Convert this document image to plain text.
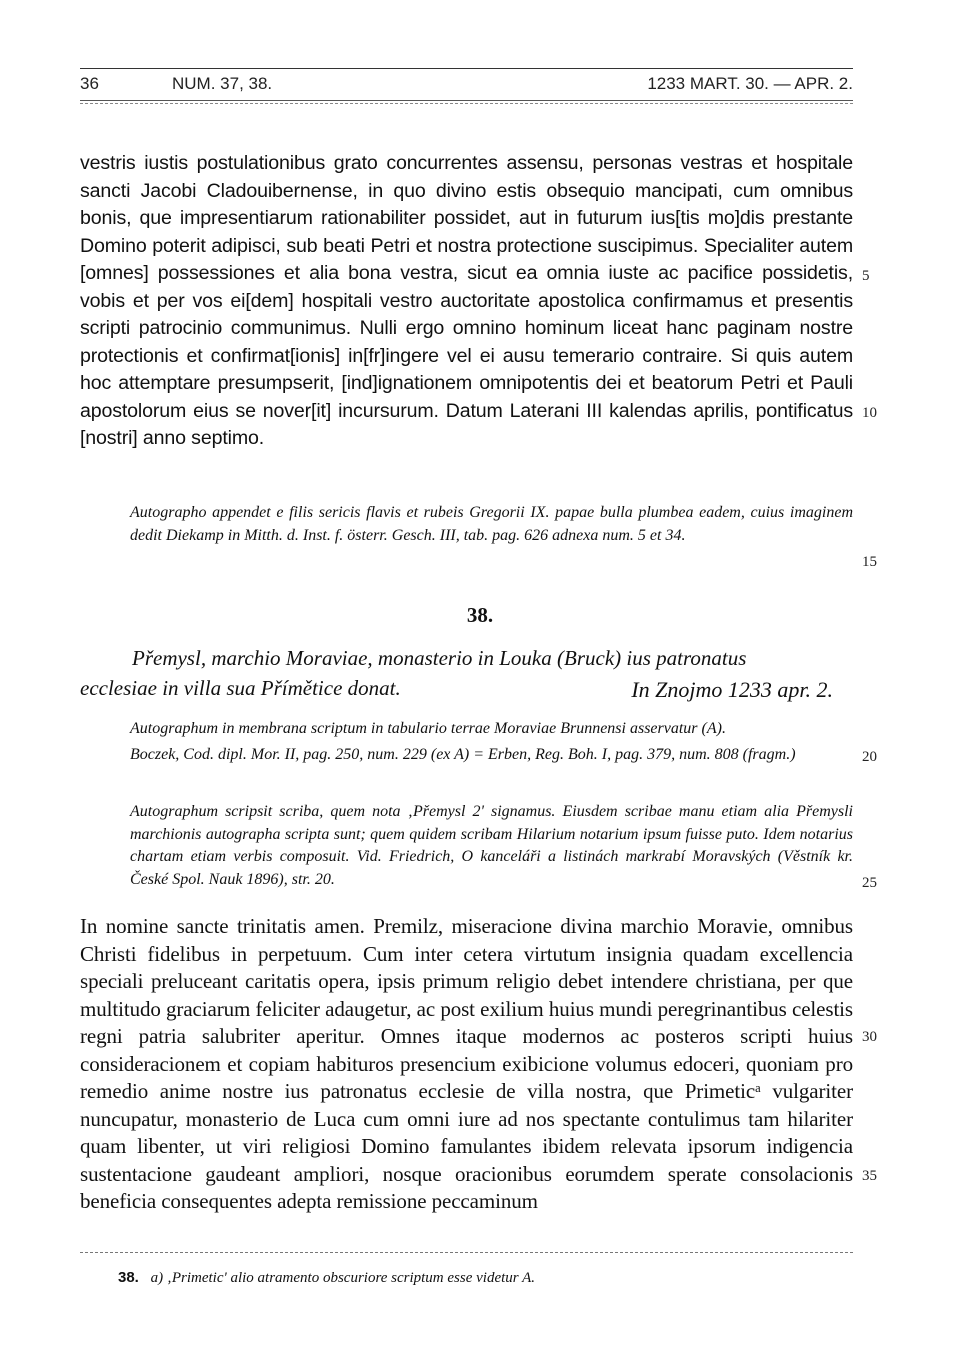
36	NUM. 37, 38.	1233 MART. 30. — APR. 2.
vestris iustis postulationibus grato concurrentes assensu, personas vestras et hospitale sancti Jacobi Cladouibernense, in quo divino estis obsequio mancipati, cum omnibus bonis, que impresentiarum rationabiliter possidet, aut in futurum ius[tis mo]dis prestante Domino poterit adipisci, sub beati Petri et nostra protectione suscipimus. Specialiter autem [omnes] possessiones et alia bona vestra, sicut ea omnia iuste ac pacifice possidetis, vobis et per vos ei[dem] hospitali vestro auctoritate apostolica confirmamus et presentis scripti patrocinio communimus. Nulli ergo omnino hominum liceat hanc paginam nostre protectionis et confirmat[ionis] in[fr]ingere vel ei ausu temerario contraire. Si quis autem hoc attemptare presumpserit, [ind]ignationem omnipotentis dei et beatorum Petri et Pauli apostolorum eius se nover[it] incursurum. Datum Laterani III kalendas aprilis, pontificatus [nostri] anno septimo.
Autographo appendet e filis sericis flavis et rubeis Gregorii IX. papae bulla plumbea eadem, cuius imaginem dedit Diekamp in Mitth. d. Inst. f. österr. Gesch. III, tab. pag. 626 adnexa num. 5 et 34.
38.
Přemysl, marchio Moraviae, monasterio in Louka (Bruck) ius patronatus
ecclesiae in villa sua Přímětice donat.	In Znojmo 1233 apr. 2.
Autographum in membrana scriptum in tabulario terrae Moraviae Brunnensi asservatur (A).
Boczek, Cod. dipl. Mor. II, pag. 250, num. 229 (ex A) = Erben, Reg. Boh. I, pag. 379, num. 808 (fragm.)
Autographum scripsit scriba, quem nota ‚Přemysl 2' signamus. Eiusdem scribae manu etiam alia Přemysli marchionis autographa scripta sunt; quem quidem scribam Hilarium notarium ipsum fuisse puto. Idem notarius chartam etiam verbis composuit. Vid. Friedrich, O kanceláři a listinách markrabí Moravských (Věstník kr. České Spol. Nauk 1896), str. 20.
In nomine sancte trinitatis amen. Premilz, miseracione divina marchio Moravie, omnibus Christi fidelibus in perpetuum. Cum inter cetera virtutum insignia quadam excellencia speciali preluceant caritatis opera, ipsis primum religio debet intendere christiana, per que multitudo graciarum feliciter adaugetur, ac post exilium huius mundi peregrinantibus celestis regni patria salubriter aperitur. Omnes itaque modernos ac posteros scripti huius consideracionem et copiam habituros presencium exibicione volumus edoceri, quoniam pro remedio anime nostre ius patronatus ecclesie de villa nostra, que Primeticᵃ vulgariter nuncupatur, monasterio de Luca cum omni iure ad nos spectante contulimus tam hilariter quam libenter, ut viri religiosi Domino famulantes ibidem relevata ipsorum indigencia sustentacione gaudeant ampliori, nosque oracionibus eorumdem sperate consolacionis beneficia consequentes adepta remissione peccaminum
5
10
15
20
25
30
35
38. a) ‚Primetic' alio atramento obscuriore scriptum esse videtur A.
